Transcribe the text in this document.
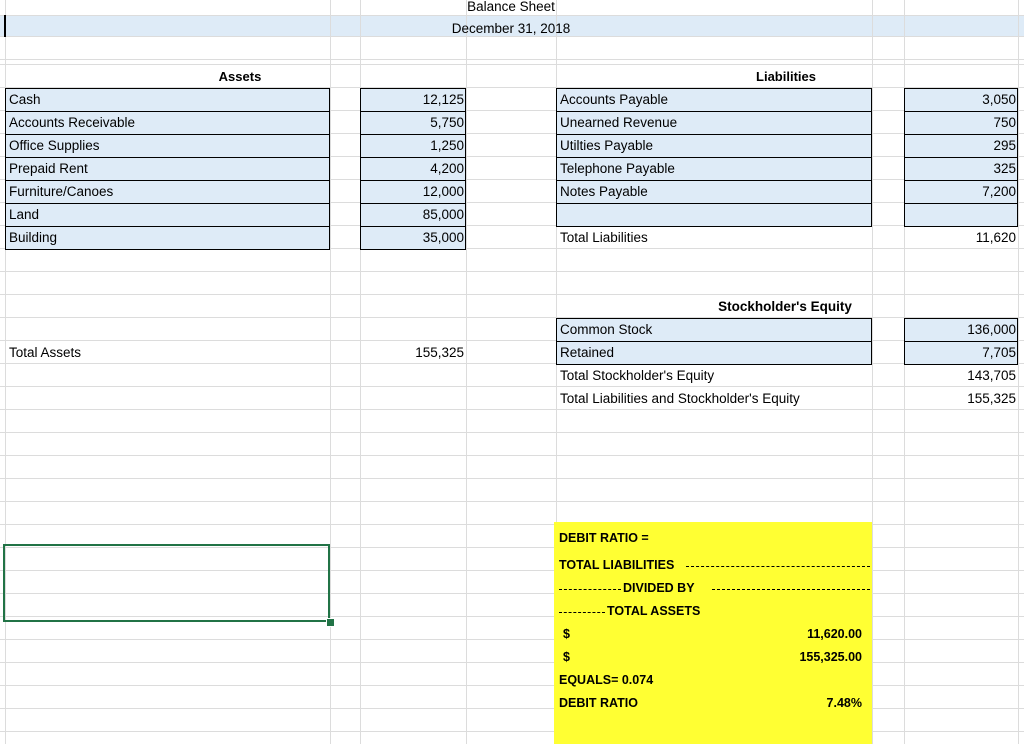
Balance Sheet
December 31, 2018
Assets	Liabilities
Cash	12,125
Accounts Receivable	5,750
Office Supplies	1,250
Prepaid Rent	4,200
Furniture/Canoes	12,000
Land	85,000
Building	35,000
Total Assets	155,325
Accounts Payable	3,050
Unearned Revenue	750
Utilties Payable	295
Telephone Payable	325
Notes Payable	7,200
Total Liabilities	11,620
Stockholder's Equity
Common Stock	136,000
Retained	7,705
Total Stockholder's Equity	143,705
Total Liabilities and Stockholder's Equity	155,325
DEBIT RATIO =
TOTAL LIABILITIES
DIVIDED BY
TOTAL ASSETS
$	11,620.00
$	155,325.00
EQUALS= 0.074
DEBIT RATIO	7.48%
